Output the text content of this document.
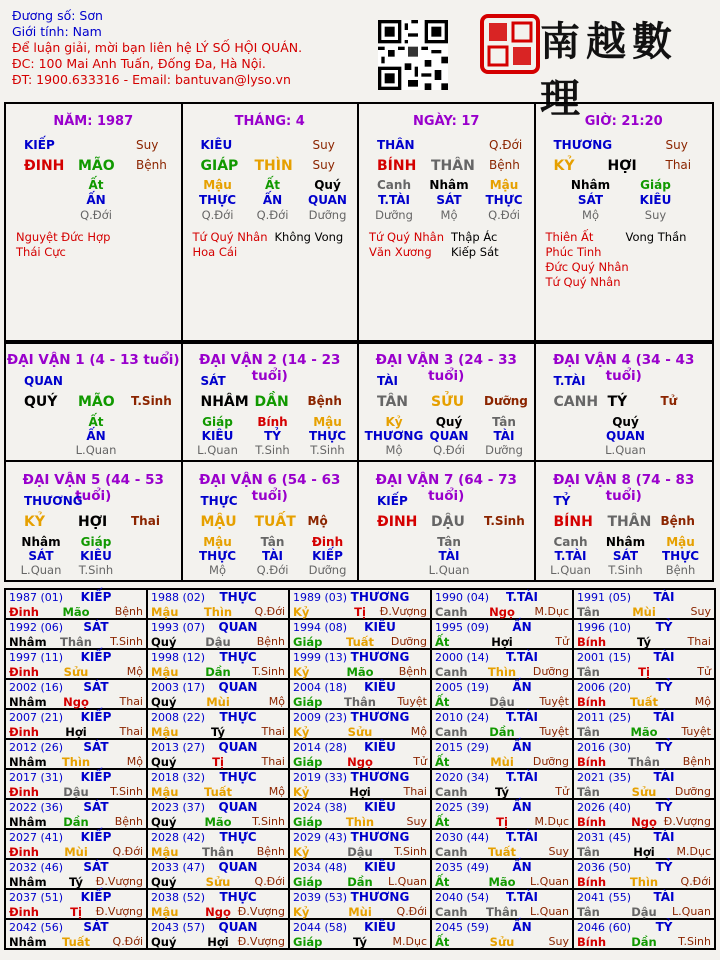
Đương số: Sơn
Giới tính: Nam
Để luận giải, mời bạn liên hệ LÝ SỐ HỘI QUÁN.
ĐC: 100 Mai Anh Tuấn, Đống Đa, Hà Nội.
ĐT: 1900.633316 - Email: bantuvan@lyso.vn
南越數理
NĂM: 1987
KIẾP	Suy
ĐINH MÃO Bệnh
Ất
ẤN
Q.Đới
Nguyệt Đức Hợp
Thái Cực
THÁNG: 4
KIÊU	Suy
GIÁP THÌN Suy
Mậu
THỰC
Q.Đới
Ất
ẤN
Q.Đới
Quý
QUAN
Dưỡng
Tứ Quý Nhân
Hoa Cái
Không Vong
NGÀY: 17
THÂN	Q.Đới
BÍNH THÂN Bệnh
Canh
T.TÀI
Dưỡng
Nhâm
SÁT
Mộ
Mậu
THỰC
Q.Đới
Tứ Quý Nhân
Văn Xương
Thập Ác
Kiếp Sát
GIỜ: 21:20
THƯƠNG	Suy
KỶ HỢI Thai
Nhâm
SÁT
Mộ
Giáp
KIÊU
Suy
Thiên Ất
Phúc Tinh
Đức Quý Nhân
Tứ Quý Nhân
Vong Thần
ĐẠI VẬN 1 (4 - 13 tuổi)
QUAN
QUÝ MÃO T.Sinh
Ất
ẤN
L.Quan
ĐẠI VẬN 2 (14 - 23 tuổi)
SÁT
NHÂM DẦN Bệnh
Giáp
KIÊU
L.Quan
Bính
TỶ
T.Sinh
Mậu
THỰC
T.Sinh
ĐẠI VẬN 3 (24 - 33 tuổi)
TÀI
TÂN SỬU Dưỡng
Kỷ
THƯƠNG
Mộ
Quý
QUAN
Q.Đới
Tân
TÀI
Dưỡng
ĐẠI VẬN 4 (34 - 43 tuổi)
T.TÀI
CANH TÝ	Tử
Quý
QUAN
L.Quan
ĐẠI VẬN 5 (44 - 53 tuổi)
THƯƠNG
KỶ HỢI Thai
Nhâm
SÁT
L.Quan
Giáp
KIÊU
T.Sinh
ĐẠI VẬN 6 (54 - 63 tuổi)
THỰC
MẬU TUẤT Mộ
Mậu
THỰC
Mộ
Tân
TÀI
Q.Đới
Đinh
KIẾP
Dưỡng
ĐẠI VẬN 7 (64 - 73 tuổi)
KIẾP
ĐINH DẬU T.Sinh
Tân
TÀI
L.Quan
ĐẠI VẬN 8 (74 - 83 tuổi)
TỶ
BÍNH THÂN Bệnh
Canh
T.TÀI
L.Quan
Nhâm
SÁT
T.Sinh
Mậu
THỰC
Bệnh
1987 (01)	KIẾP
Đinh	Mão	Bệnh
1988 (02)	THỰC
Mậu	Thìn	Q.Đới
1989 (03) THƯƠNG
Kỷ	Tị	Đ.Vượng
1990 (04)	T.TÀI
Canh	Ngọ	M.Dục
1991 (05)	TÀI
Tân	Mùi	Suy
1992 (06)	SÁT
Nhâm	Thân	T.Sinh
1993 (07)	QUAN
Quý	Dậu	Bệnh
1994 (08)	KIÊU
Giáp	Tuất	Dưỡng
1995 (09)	ẤN
Ất	Hợi	Tử
1996 (10)	TỶ
Bính	Tý	Thai
1997 (11)	KIẾP
Đinh	Sửu	Mộ
1998 (12)	THỰC
Mậu	Dần	T.Sinh
1999 (13) THƯƠNG
Kỷ	Mão	Bệnh
2000 (14)	T.TÀI
Canh	Thìn	Dưỡng
2001 (15)	TÀI
Tân	Tị	Tử
2002 (16)	SÁT
Nhâm	Ngọ	Thai
2003 (17)	QUAN
Quý	Mùi	Mộ
2004 (18)	KIÊU
Giáp	Thân	Tuyệt
2005 (19)	ẤN
Ất	Dậu	Tuyệt
2006 (20)	TỶ
Bính	Tuất	Mộ
2007 (21)	KIẾP
Đinh	Hợi	Thai
2008 (22)	THỰC
Mậu	Tý	Thai
2009 (23) THƯƠNG
Kỷ	Sửu	Mộ
2010 (24)	T.TÀI
Canh	Dần	Tuyệt
2011 (25)	TÀI
Tân	Mão	Tuyệt
2012 (26)	SÁT
Nhâm	Thìn	Mộ
2013 (27)	QUAN
Quý	Tị	Thai
2014 (28)	KIÊU
Giáp	Ngọ	Tử
2015 (29)	ẤN
Ất	Mùi	Dưỡng
2016 (30)	TỶ
Bính	Thân	Bệnh
2017 (31)	KIẾP
Đinh	Dậu	T.Sinh
2018 (32)	THỰC
Mậu	Tuất	Mộ
2019 (33) THƯƠNG
Kỷ	Hợi	Thai
2020 (34)	T.TÀI
Canh	Tý	Tử
2021 (35)	TÀI
Tân	Sửu	Dưỡng
2022 (36)	SÁT
Nhâm	Dần	Bệnh
2023 (37)	QUAN
Quý	Mão	T.Sinh
2024 (38)	KIÊU
Giáp	Thìn	Suy
2025 (39)	ẤN
Ất	Tị	M.Dục
2026 (40)	TỶ
Bính	Ngọ Đ.Vượng
2027 (41)	KIẾP
Đinh	Mùi	Q.Đới
2028 (42)	THỰC
Mậu	Thân	Bệnh
2029 (43) THƯƠNG
Kỷ	Dậu	T.Sinh
2030 (44)	T.TÀI
Canh	Tuất	Suy
2031 (45)	TÀI
Tân	Hợi	M.Dục
2032 (46)	SÁT
Nhâm	Tý	Đ.Vượng
2033 (47)	QUAN
Quý	Sửu	Q.Đới
2034 (48)	KIÊU
Giáp	Dần	L.Quan
2035 (49)	ẤN
Ất	Mão	L.Quan
2036 (50)	TỶ
Bính	Thìn	Q.Đới
2037 (51)	KIẾP
Đinh	Tị	Đ.Vượng
2038 (52)	THỰC
Mậu	Ngọ Đ.Vượng
2039 (53) THƯƠNG
Kỷ	Mùi	Q.Đới
2040 (54)	T.TÀI
Canh	Thân	L.Quan
2041 (55)	TÀI
Tân	Dậu	L.Quan
2042 (56)	SÁT
Nhâm	Tuất	Q.Đới
2043 (57)	QUAN
Quý	Hợi Đ.Vượng
2044 (58)	KIÊU
Giáp	Tý	M.Dục
2045 (59)	ẤN
Ất	Sửu	Suy
2046 (60)	TỶ
Bính	Dần	T.Sinh
